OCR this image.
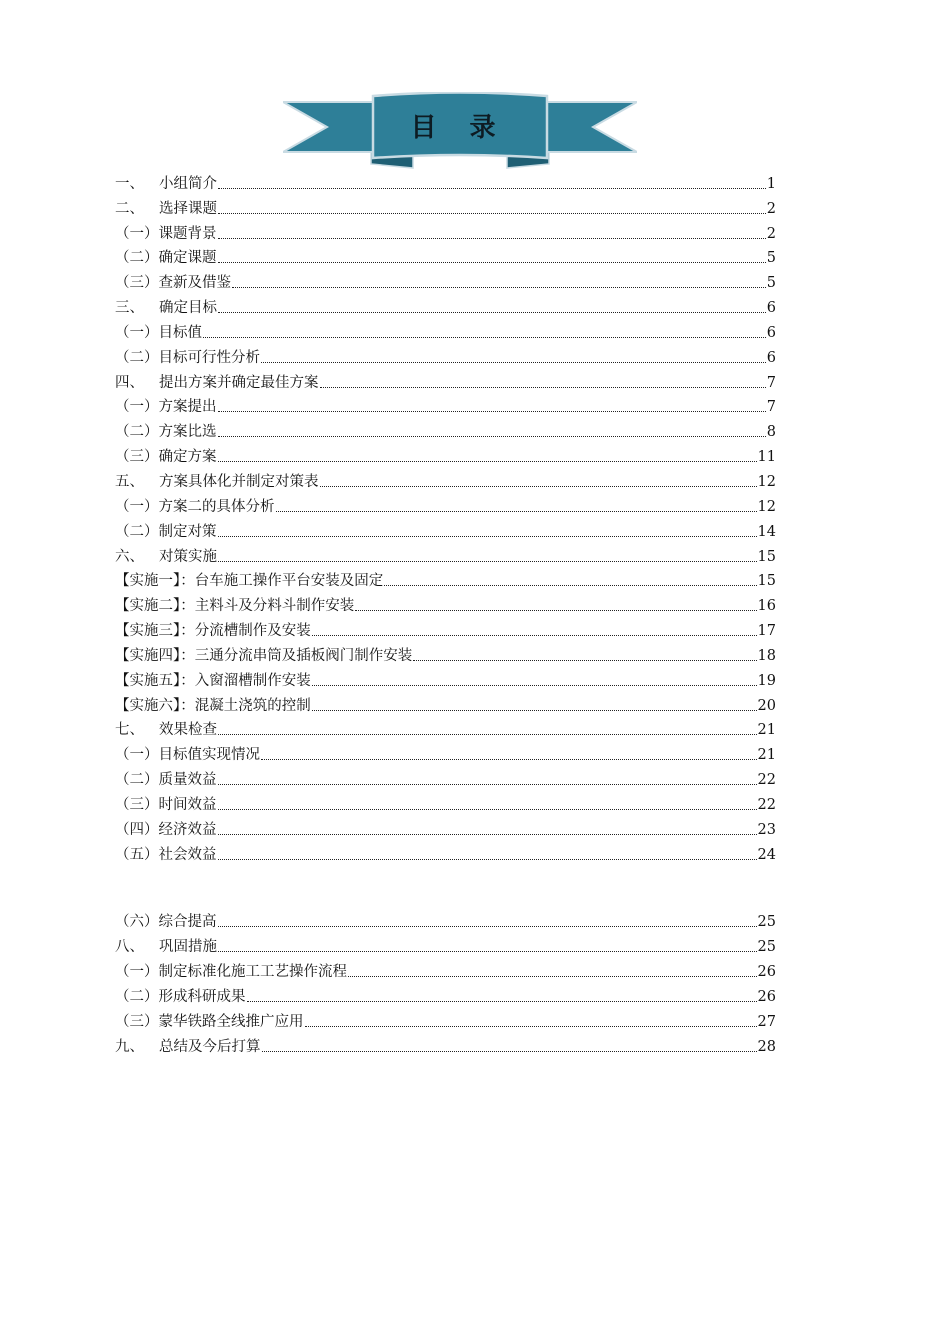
目 录
一、	小组简介	1
二、	选择课题	2
（一）课题背景	2
（二）确定课题	5
（三）查新及借鉴	5
三、	确定目标	6
（一）目标值	6
（二）目标可行性分析	6
四、	提出方案并确定最佳方案	7
（一）方案提出	7
（二）方案比选	8
（三）确定方案	11
五、	方案具体化并制定对策表	12
（一）方案二的具体分析	12
（二）制定对策	14
六、	对策实施	15
【实施一】：台车施工操作平台安装及固定	15
【实施二】：主料斗及分料斗制作安装	16
【实施三】：分流槽制作及安装	17
【实施四】：三通分流串筒及插板阀门制作安装	18
【实施五】：入窗溜槽制作安装	19
【实施六】：混凝土浇筑的控制	20
七、	效果检查	21
（一）目标值实现情况	21
（二）质量效益	22
（三）时间效益	22
（四）经济效益	23
（五）社会效益	24
（六）综合提高	25
八、	巩固措施	25
（一）制定标准化施工工艺操作流程	26
（二）形成科研成果	26
（三）蒙华铁路全线推广应用	27
九、	总结及今后打算	28
